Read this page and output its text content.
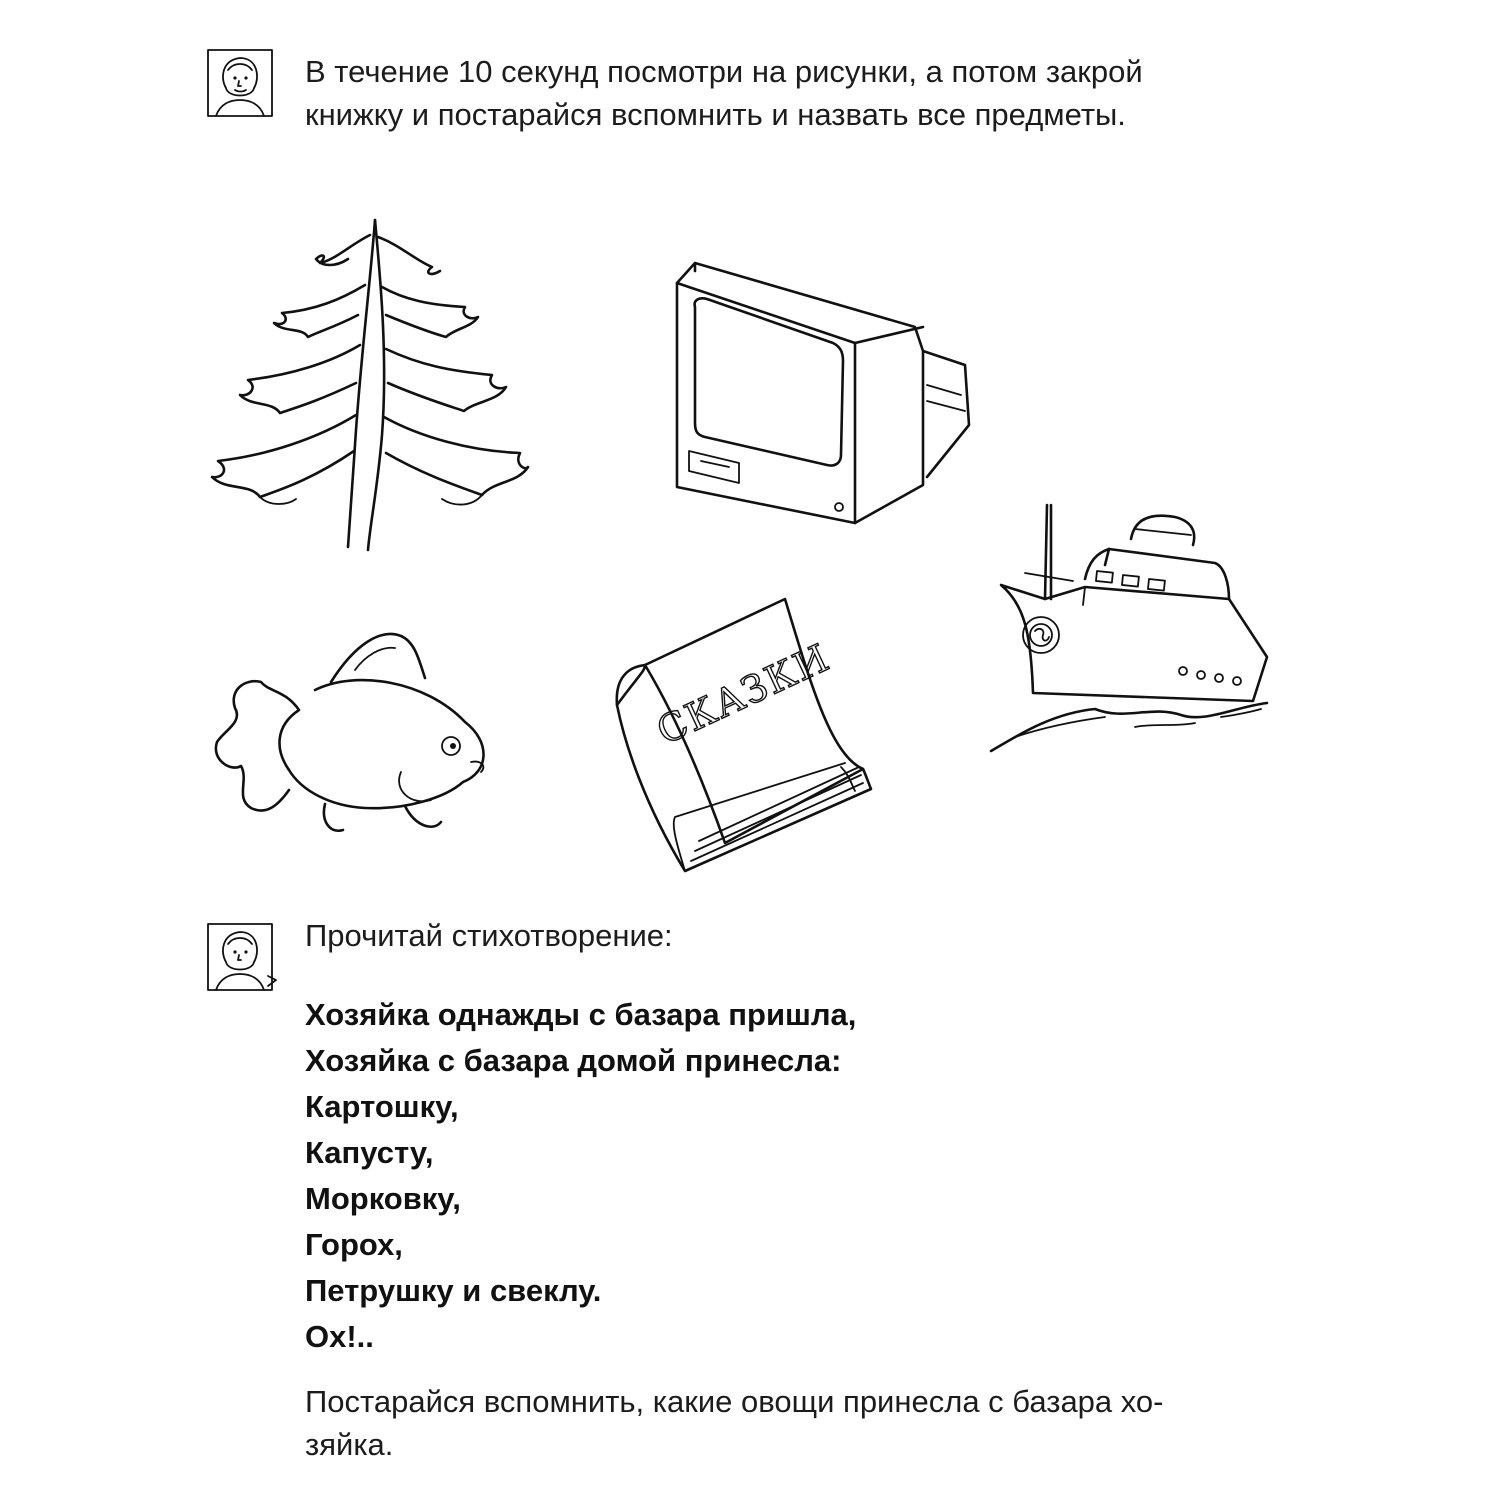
В течение 10 секунд посмотри на рисунки, а потом закрой
книжку и постарайся вспомнить и назвать все предметы.
СКАЗКИ
Прочитай стихотворение:
Хозяйка однажды с базара пришла,
Хозяйка с базара домой принесла:
Картошку,
Капусту,
Морковку,
Горох,
Петрушку и свеклу.
Ох!..
Постарайся вспомнить, какие овощи принесла с базара хо-
зяйка.
